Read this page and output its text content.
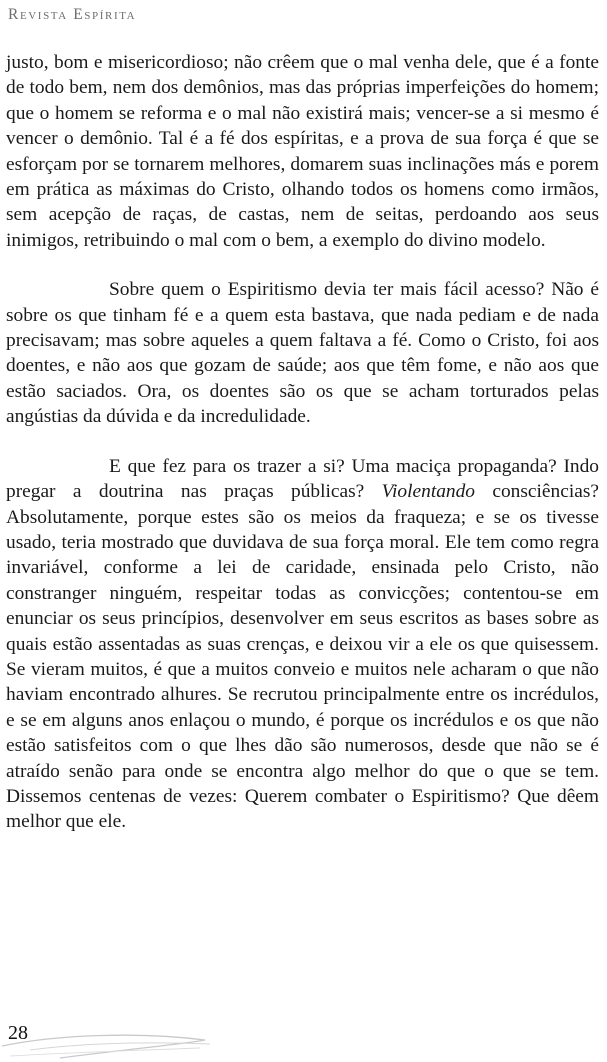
Revista Espírita

justo, bom e misericordioso; não crêem que o mal venha dele, que é a fonte de todo bem, nem dos demônios, mas das próprias imperfeições do homem; que o homem se reforma e o mal não existirá mais; vencer-se a si mesmo é vencer o demônio. Tal é a fé dos espíritas, e a prova de sua força é que se esforçam por se tornarem melhores, domarem suas inclinações más e porem em prática as máximas do Cristo, olhando todos os homens como irmãos, sem acepção de raças, de castas, nem de seitas, perdoando aos seus inimigos, retribuindo o mal com o bem, a exemplo do divino modelo.

Sobre quem o Espiritismo devia ter mais fácil acesso? Não é sobre os que tinham fé e a quem esta bastava, que nada pediam e de nada precisavam; mas sobre aqueles a quem faltava a fé. Como o Cristo, foi aos doentes, e não aos que gozam de saúde; aos que têm fome, e não aos que estão saciados. Ora, os doentes são os que se acham torturados pelas angústias da dúvida e da incredulidade.

E que fez para os trazer a si? Uma maciça propaganda? Indo pregar a doutrina nas praças públicas? Violentando consciências? Absolutamente, porque estes são os meios da fraqueza; e se os tivesse usado, teria mostrado que duvidava de sua força moral. Ele tem como regra invariável, conforme a lei de caridade, ensinada pelo Cristo, não constranger ninguém, respeitar todas as convicções; contentou-se em enunciar os seus princípios, desenvolver em seus escritos as bases sobre as quais estão assentadas as suas crenças, e deixou vir a ele os que quisessem. Se vieram muitos, é que a muitos conveio e muitos nele acharam o que não haviam encontrado alhures. Se recrutou principalmente entre os incrédulos, e se em alguns anos enlaçou o mundo, é porque os incrédulos e os que não estão satisfeitos com o que lhes dão são numerosos, desde que não se é atraído senão para onde se encontra algo melhor do que o que se tem. Dissemos centenas de vezes: Querem combater o Espiritismo? Que dêem melhor que ele.

28
